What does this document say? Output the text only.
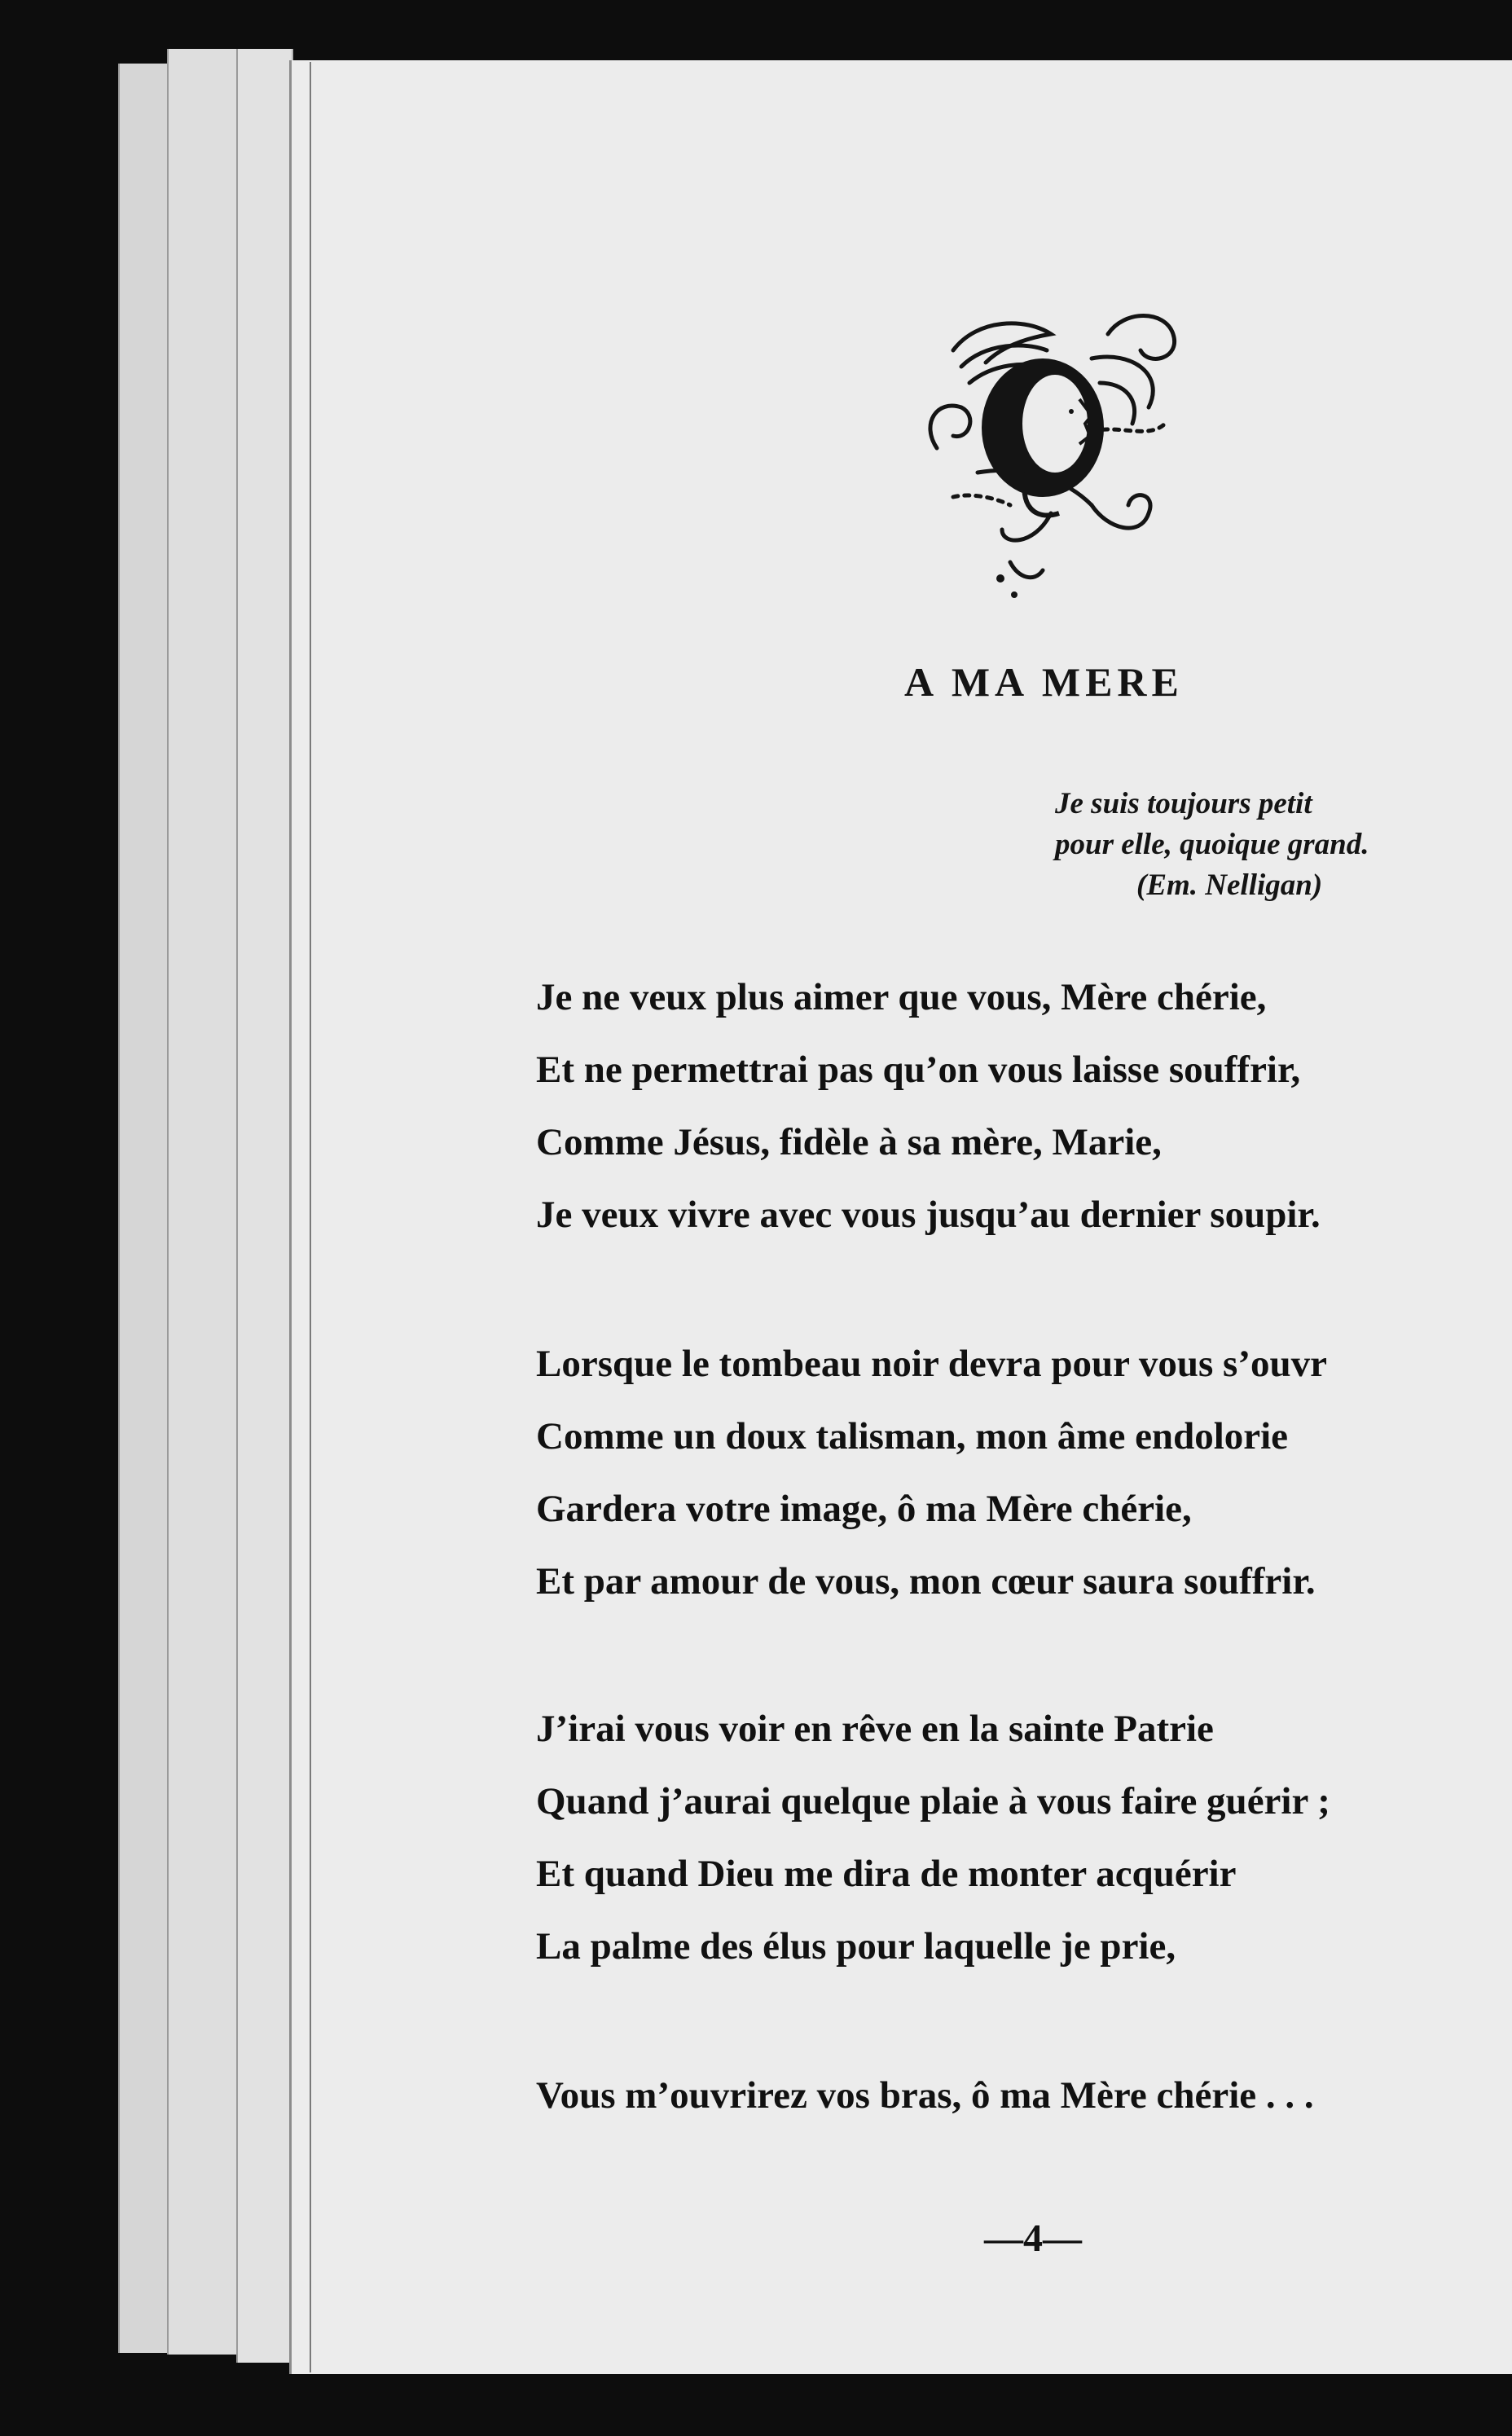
A MA MERE
Je suis toujours petit
pour elle, quoique grand.
(Em. Nelligan)
Je ne veux plus aimer que vous, Mère chérie,
Et ne permettrai pas qu’on vous laisse souffrir,
Comme Jésus, fidèle à sa mère, Marie,
Je veux vivre avec vous jusqu’au dernier soupir.
Lorsque le tombeau noir devra pour vous s’ouvr
Comme un doux talisman, mon âme endolorie
Gardera votre image, ô ma Mère chérie,
Et par amour de vous, mon cœur saura souffrir.
J’irai vous voir en rêve en la sainte Patrie
Quand j’aurai quelque plaie à vous faire guérir ;
Et quand Dieu me dira de monter acquérir
La palme des élus pour laquelle je prie,
Vous m’ouvrirez vos bras, ô ma Mère chérie . . .
—4—
